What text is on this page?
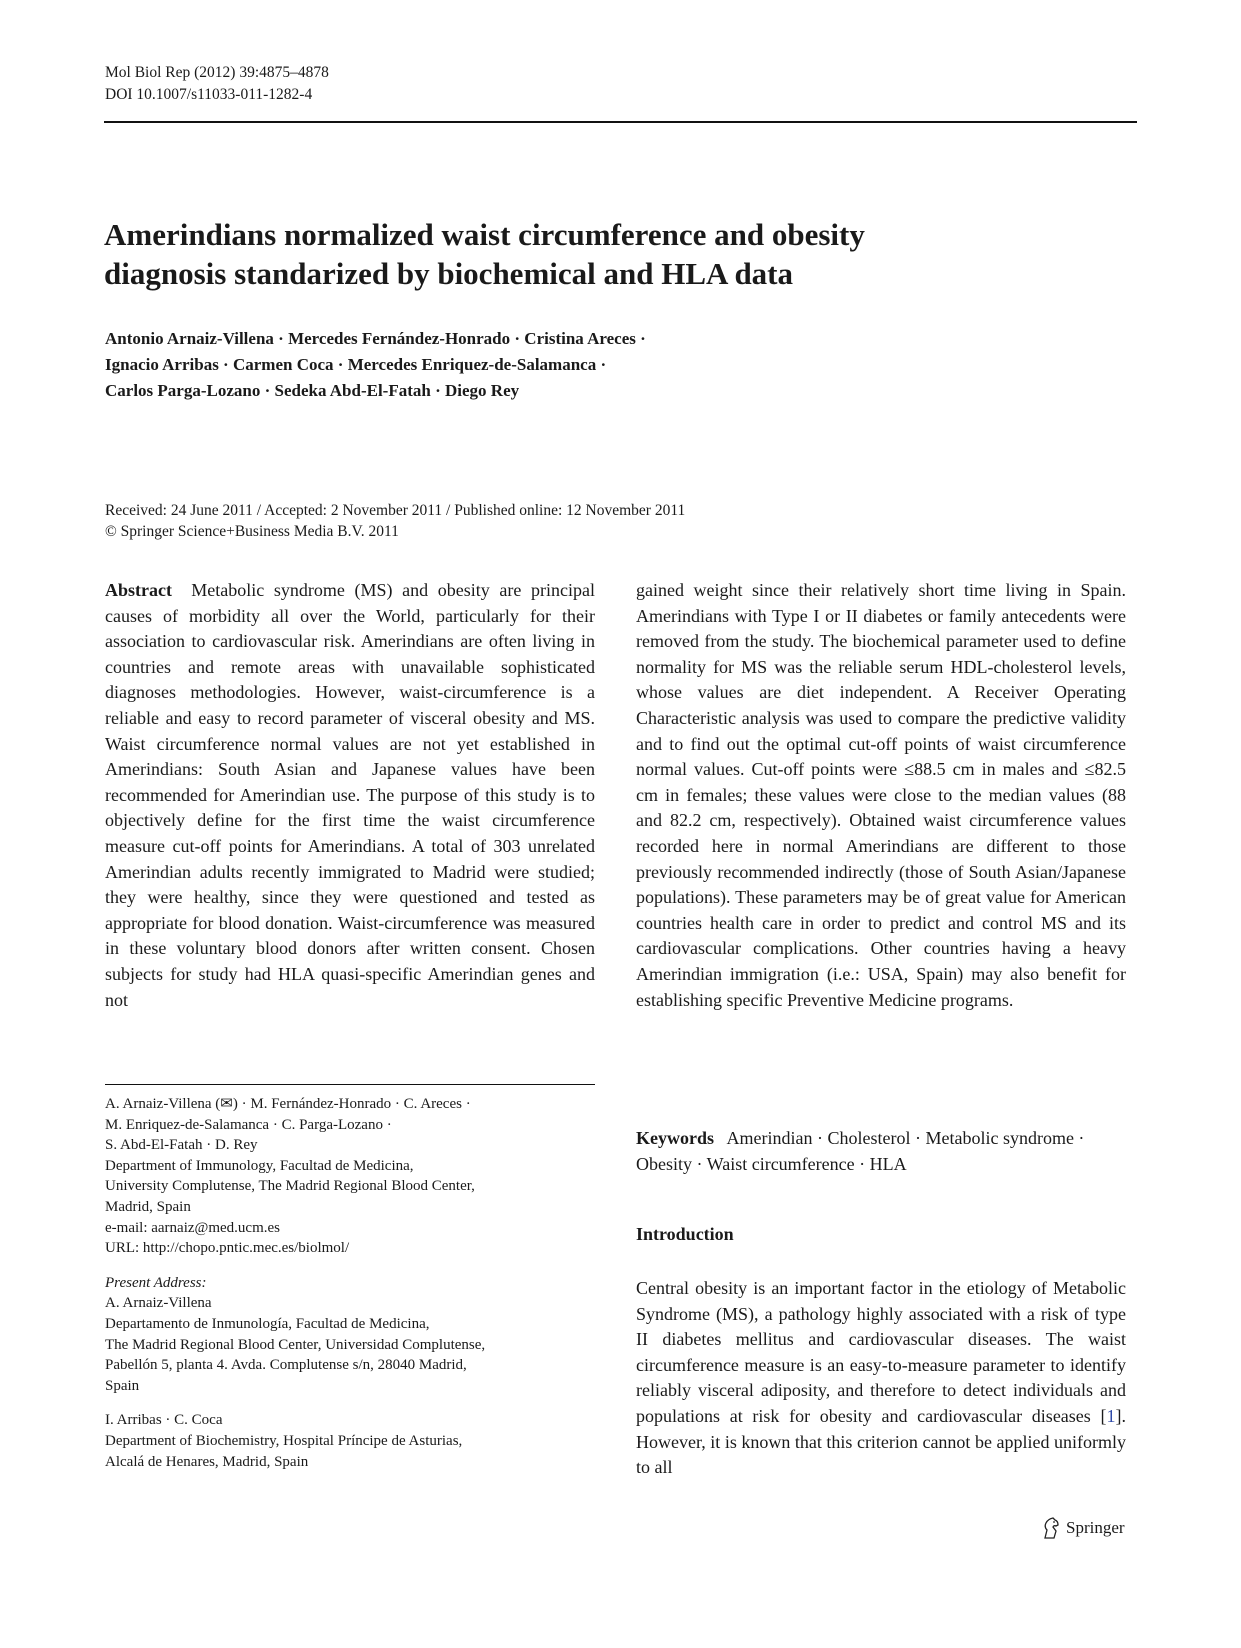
Mol Biol Rep (2012) 39:4875–4878
DOI 10.1007/s11033-011-1282-4
Amerindians normalized waist circumference and obesity
diagnosis standarized by biochemical and HLA data
Antonio Arnaiz-Villena · Mercedes Fernández-Honrado · Cristina Areces ·
Ignacio Arribas · Carmen Coca · Mercedes Enriquez-de-Salamanca ·
Carlos Parga-Lozano · Sedeka Abd-El-Fatah · Diego Rey
Received: 24 June 2011 / Accepted: 2 November 2011 / Published online: 12 November 2011
© Springer Science+Business Media B.V. 2011

Abstract Metabolic syndrome (MS) and obesity are principal causes of morbidity all over the World, particularly for their association to cardiovascular risk. Amerindians are often living in countries and remote areas with unavailable sophisticated diagnoses methodologies. However, waist-circumference is a reliable and easy to record parameter of visceral obesity and MS. Waist circumference normal values are not yet established in Amerindians: South Asian and Japanese values have been recommended for Amerindian use. The purpose of this study is to objectively define for the first time the waist circumference measure cut-off points for Amerindians. A total of 303 unrelated Amerindian adults recently immigrated to Madrid were studied; they were healthy, since they were questioned and tested as appropriate for blood donation. Waist-circumference was measured in these voluntary blood donors after written consent. Chosen subjects for study had HLA quasi-specific Amerindian genes and not

gained weight since their relatively short time living in Spain. Amerindians with Type I or II diabetes or family antecedents were removed from the study. The biochemical parameter used to define normality for MS was the reliable serum HDL-cholesterol levels, whose values are diet independent. A Receiver Operating Characteristic analysis was used to compare the predictive validity and to find out the optimal cut-off points of waist circumference normal values. Cut-off points were ≤88.5 cm in males and ≤82.5 cm in females; these values were close to the median values (88 and 82.2 cm, respectively). Obtained waist circumference values recorded here in normal Amerindians are different to those previously recommended indirectly (those of South Asian/Japanese populations). These parameters may be of great value for American countries health care in order to predict and control MS and its cardiovascular complications. Other countries having a heavy Amerindian immigration (i.e.: USA, Spain) may also benefit for establishing specific Preventive Medicine programs.

Keywords Amerindian · Cholesterol · Metabolic syndrome · Obesity · Waist circumference · HLA
A. Arnaiz-Villena (✉) · M. Fernández-Honrado · C. Areces ·
M. Enriquez-de-Salamanca · C. Parga-Lozano ·
S. Abd-El-Fatah · D. Rey
Department of Immunology, Facultad de Medicina,
University Complutense, The Madrid Regional Blood Center,
Madrid, Spain
e-mail: aarnaiz@med.ucm.es
URL: http://chopo.pntic.mec.es/biolmol/
Present Address:
A. Arnaiz-Villena
Departamento de Inmunología, Facultad de Medicina,
The Madrid Regional Blood Center, Universidad Complutense,
Pabellón 5, planta 4. Avda. Complutense s/n, 28040 Madrid,
Spain
I. Arribas · C. Coca
Department of Biochemistry, Hospital Príncipe de Asturias,
Alcalá de Henares, Madrid, Spain
Introduction
Central obesity is an important factor in the etiology of Metabolic Syndrome (MS), a pathology highly associated with a risk of type II diabetes mellitus and cardiovascular diseases. The waist circumference measure is an easy-to-measure parameter to identify reliably visceral adiposity, and therefore to detect individuals and populations at risk for obesity and cardiovascular diseases [1]. However, it is known that this criterion cannot be applied uniformly to all
Springer
